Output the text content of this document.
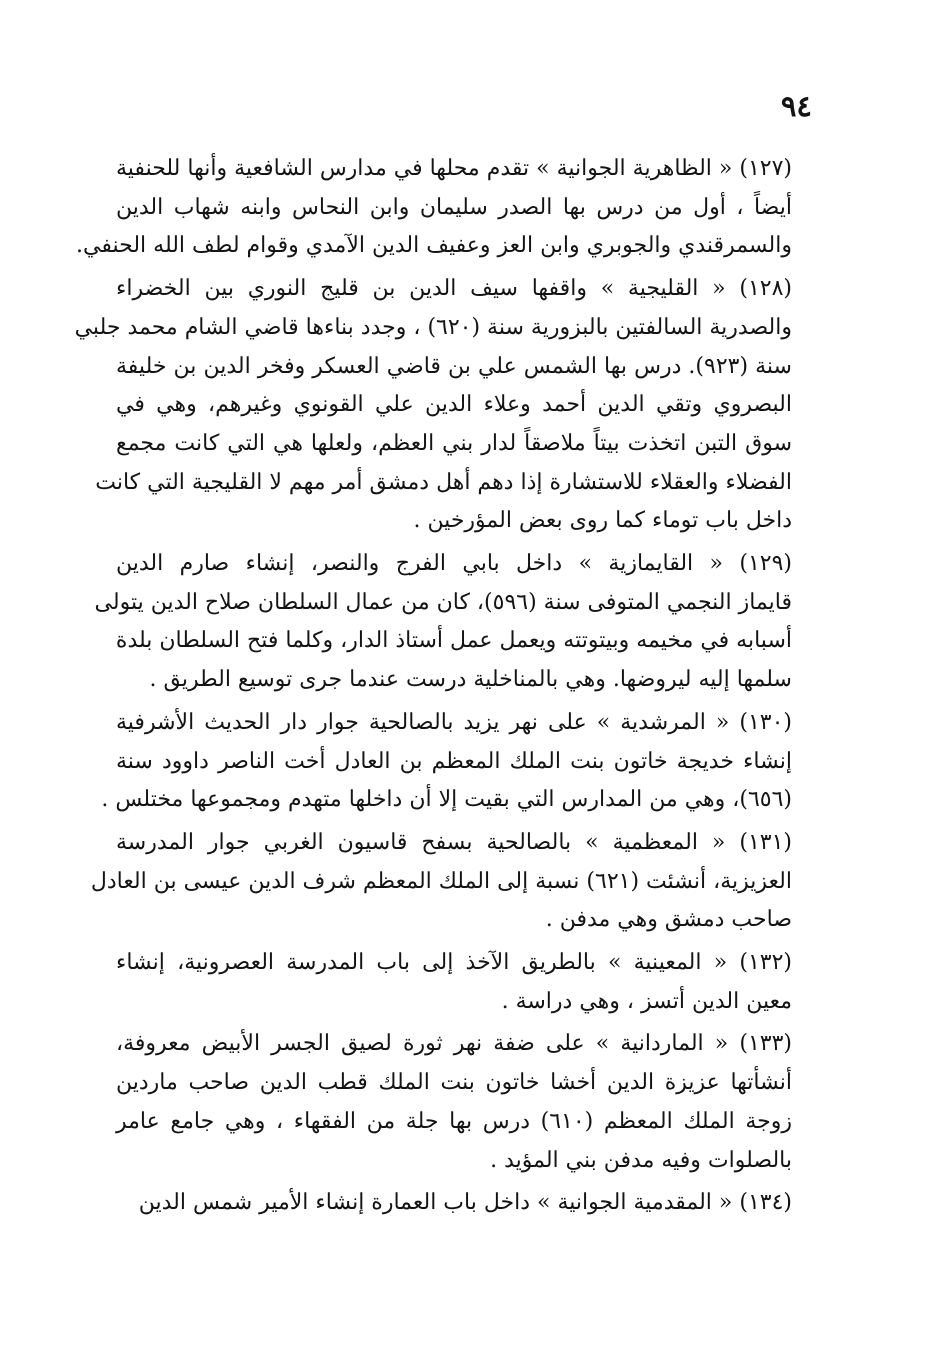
٩٤

(١٢٧) « الظاهرية الجوانية » تقدم محلها في مدارس الشافعية وأنها للحنفية
أيضاً ، أول من درس بها الصدر سليمان وابن النحاس وابنه شهاب الدين
والسمرقندي والجوبري وابن العز وعفيف الدين الآمدي وقوام لطف الله الحنفي.

(١٢٨) « القليجية » واقفها سيف الدين بن قليج النوري بين الخضراء
والصدرية السالفتين بالبزورية سنة (٦٢٠) ، وجدد بناءها قاضي الشام محمد جلبي
سنة (٩٢٣). درس بها الشمس علي بن قاضي العسكر وفخر الدين بن خليفة
البصروي وتقي الدين أحمد وعلاء الدين علي القونوي وغيرهم، وهي في
سوق التبن اتخذت بيتاً ملاصقاً لدار بني العظم، ولعلها هي التي كانت مجمع
الفضلاء والعقلاء للاستشارة إذا دهم أهل دمشق أمر مهم لا القليجية التي كانت
داخل باب توماء كما روى بعض المؤرخين .

(١٢٩) « القايمازية » داخل بابي الفرج والنصر، إنشاء صارم الدين
قايماز النجمي المتوفى سنة (٥٩٦)، كان من عمال السلطان صلاح الدين يتولى
أسبابه في مخيمه وبيتوتته ويعمل عمل أستاذ الدار، وكلما فتح السلطان بلدة
سلمها إليه ليروضها. وهي بالمناخلية درست عندما جرى توسيع الطريق .

(١٣٠) « المرشدية » على نهر يزيد بالصالحية جوار دار الحديث الأشرفية
إنشاء خديجة خاتون بنت الملك المعظم بن العادل أخت الناصر داوود سنة
(٦٥٦)، وهي من المدارس التي بقيت إلا أن داخلها متهدم ومجموعها مختلس .

(١٣١) « المعظمية » بالصالحية بسفح قاسيون الغربي جوار المدرسة
العزيزية، أنشئت (٦٢١) نسبة إلى الملك المعظم شرف الدين عيسى بن العادل
صاحب دمشق وهي مدفن .

(١٣٢) « المعينية » بالطريق الآخذ إلى باب المدرسة العصرونية، إنشاء
معين الدين أتسز ، وهي دراسة .

(١٣٣) « الماردانية » على ضفة نهر ثورة لصيق الجسر الأبيض معروفة،
أنشأتها عزيزة الدين أخشا خاتون بنت الملك قطب الدين صاحب ماردين
زوجة الملك المعظم (٦١٠) درس بها جلة من الفقهاء ، وهي جامع عامر
بالصلوات وفيه مدفن بني المؤيد .

(١٣٤) « المقدمية الجوانية » داخل باب العمارة إنشاء الأمير شمس الدين
